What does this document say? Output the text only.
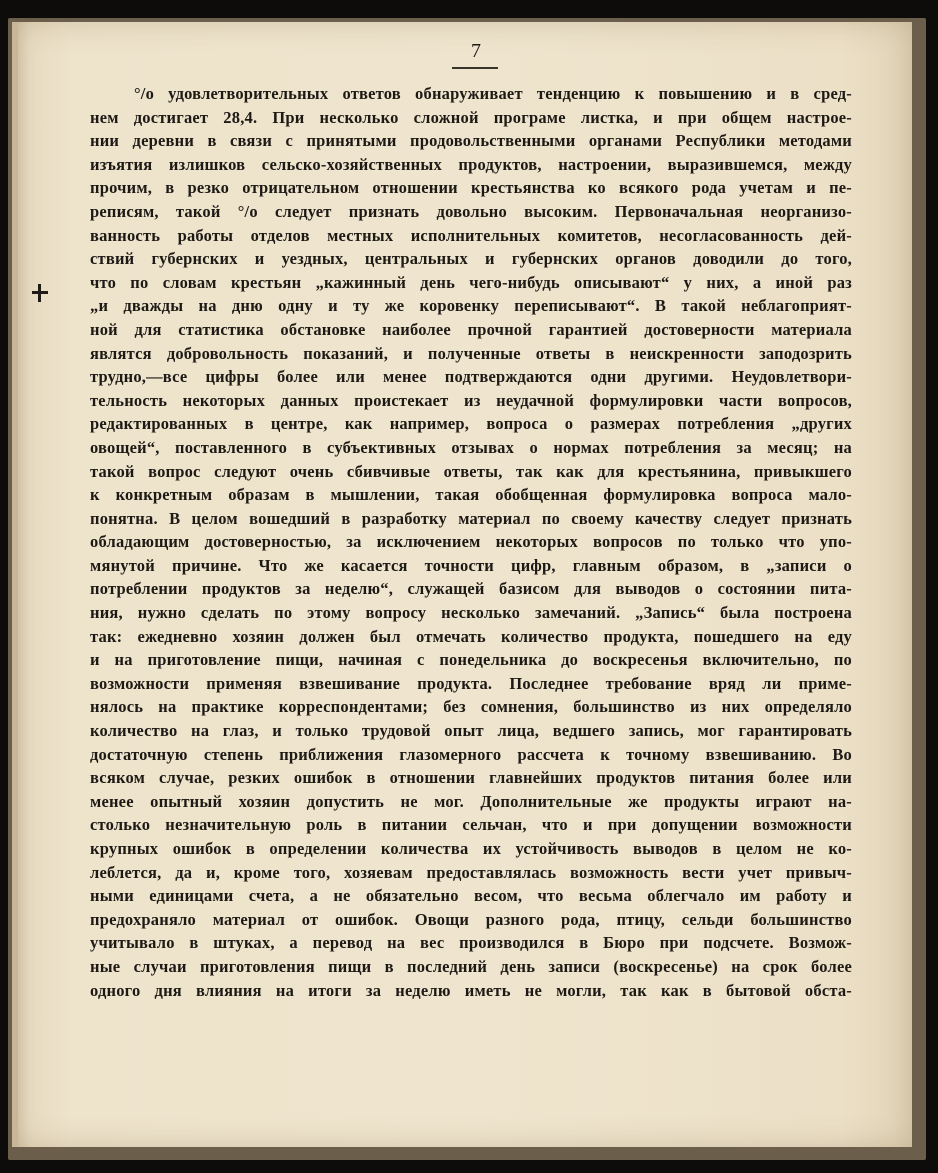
7
°/о удовлетворительных ответов обнаруживает тенденцию к повышению и в сред-
нем достигает 28,4. При несколько сложной програме листка, и при общем настрое-
нии деревни в связи с принятыми продовольственными органами Республики методами
изъятия излишков сельско-хозяйственных продуктов, настроении, выразившемся, между
прочим, в резко отрицательном отношении крестьянства ко всякого рода учетам и пе-
реписям, такой °/о следует признать довольно высоким. Первоначальная неорганизо-
ванность работы отделов местных исполнительных комитетов, несогласованность дей-
ствий губернских и уездных, центральных и губернских органов доводили до того,
что по словам крестьян „кажинный день чего-нибудь описывают“ у них, а иной раз
„и дважды на дню одну и ту же коровенку переписывают“. В такой неблагоприят-
ной для статистика обстановке наиболее прочной гарантией достоверности материала
являтся добровольность показаний, и полученные ответы в неискренности заподозрить
трудно,—все цифры более или менее подтверждаются одни другими. Неудовлетвори-
тельность некоторых данных проистекает из неудачной формулировки части вопросов,
редактированных в центре, как например, вопроса о размерах потребления „других
овощей“, поставленного в субъективных отзывах о нормах потребления за месяц; на
такой вопрос следуют очень сбивчивые ответы, так как для крестьянина, привыкшего
к конкретным образам в мышлении, такая обобщенная формулировка вопроса мало-
понятна. В целом вошедший в разработку материал по своему качеству следует признать
обладающим достоверностью, за исключением некоторых вопросов по только что упо-
мянутой причине. Что же касается точности цифр, главным образом, в „записи о
потреблении продуктов за неделю“, служащей базисом для выводов о состоянии пита-
ния, нужно сделать по этому вопросу несколько замечаний. „Запись“ была построена
так: ежедневно хозяин должен был отмечать количество продукта, пошедшего на еду
и на приготовление пищи, начиная с понедельника до воскресенья включительно, по
возможности применяя взвешивание продукта. Последнее требование вряд ли приме-
нялось на практике корреспондентами; без сомнения, большинство из них определяло
количество на глаз, и только трудовой опыт лица, ведшего запись, мог гарантировать
достаточную степень приближения глазомерного рассчета к точному взвешиванию. Во
всяком случае, резких ошибок в отношении главнейших продуктов питания более или
менее опытный хозяин допустить не мог. Дополнительные же продукты играют на-
столько незначительную роль в питании сельчан, что и при допущении возможности
крупных ошибок в определении количества их устойчивость выводов в целом не ко-
леблется, да и, кроме того, хозяевам предоставлялась возможность вести учет привыч-
ными единицами счета, а не обязательно весом, что весьма облегчало им работу и
предохраняло материал от ошибок. Овощи разного рода, птицу, сельди большинство
учитывало в штуках, а перевод на вес производился в Бюро при подсчете. Возмож-
ные случаи приготовления пищи в последний день записи (воскресенье) на срок более
одного дня влияния на итоги за неделю иметь не могли, так как в бытовой обста-
